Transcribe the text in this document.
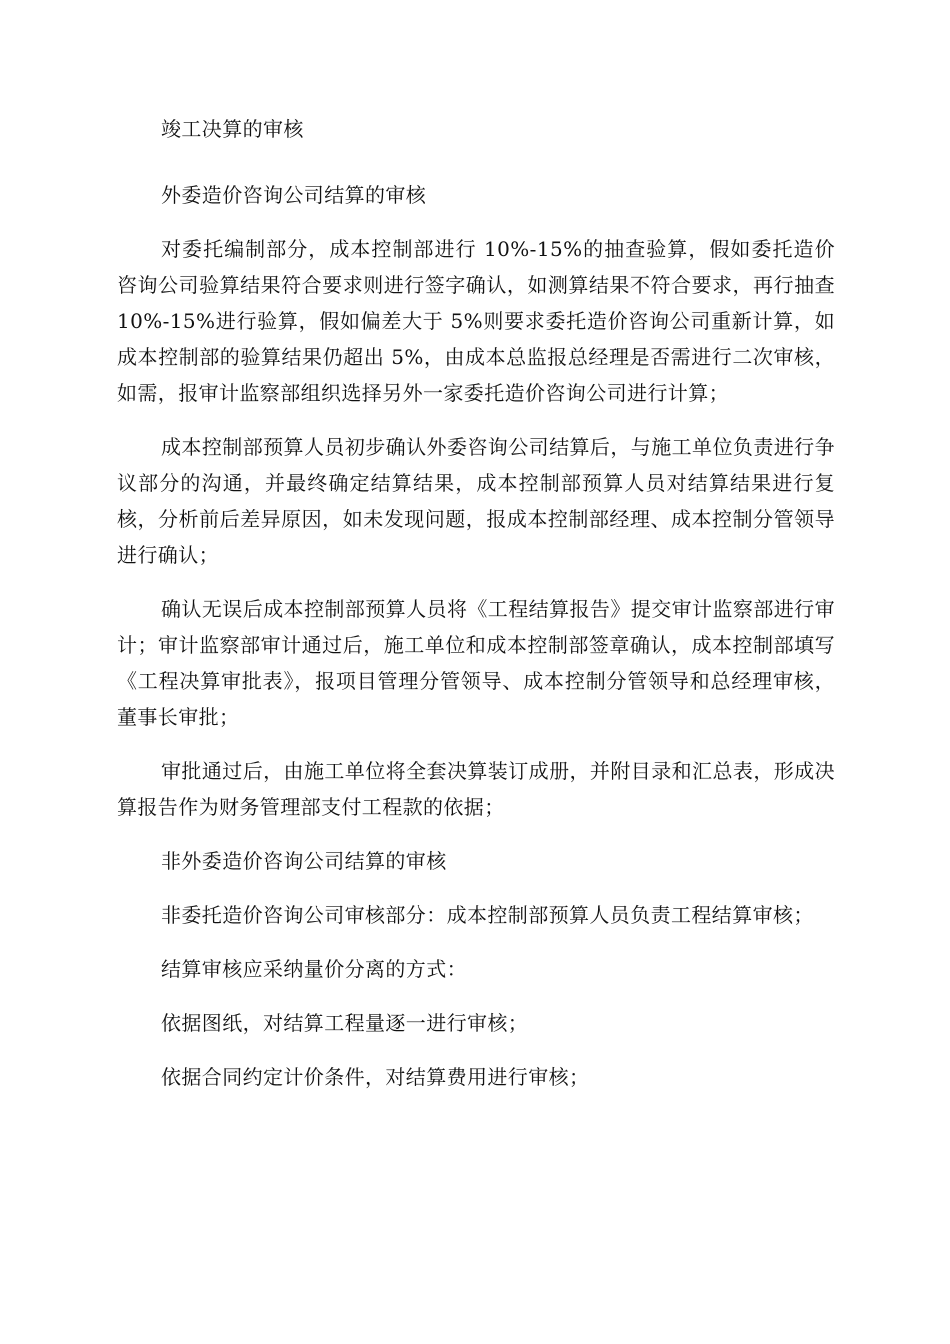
竣工决算的审核

外委造价咨询公司结算的审核

对委托编制部分，成本控制部进行 10%-15%的抽查验算，假如委托造价咨询公司验算结果符合要求则进行签字确认，如测算结果不符合要求，再行抽查 10%-15%进行验算，假如偏差大于 5%则要求委托造价咨询公司重新计算，如成本控制部的验算结果仍超出 5%，由成本总监报总经理是否需进行二次审核，如需，报审计监察部组织选择另外一家委托造价咨询公司进行计算；

成本控制部预算人员初步确认外委咨询公司结算后，与施工单位负责进行争议部分的沟通，并最终确定结算结果，成本控制部预算人员对结算结果进行复核，分析前后差异原因，如未发现问题，报成本控制部经理、成本控制分管领导进行确认；

确认无误后成本控制部预算人员将《工程结算报告》提交审计监察部进行审计；审计监察部审计通过后，施工单位和成本控制部签章确认，成本控制部填写《工程决算审批表》，报项目管理分管领导、成本控制分管领导和总经理审核，董事长审批；

审批通过后，由施工单位将全套决算装订成册，并附目录和汇总表，形成决算报告作为财务管理部支付工程款的依据；

非外委造价咨询公司结算的审核

非委托造价咨询公司审核部分：成本控制部预算人员负责工程结算审核；

结算审核应采纳量价分离的方式：

依据图纸，对结算工程量逐一进行审核；

依据合同约定计价条件，对结算费用进行审核；
